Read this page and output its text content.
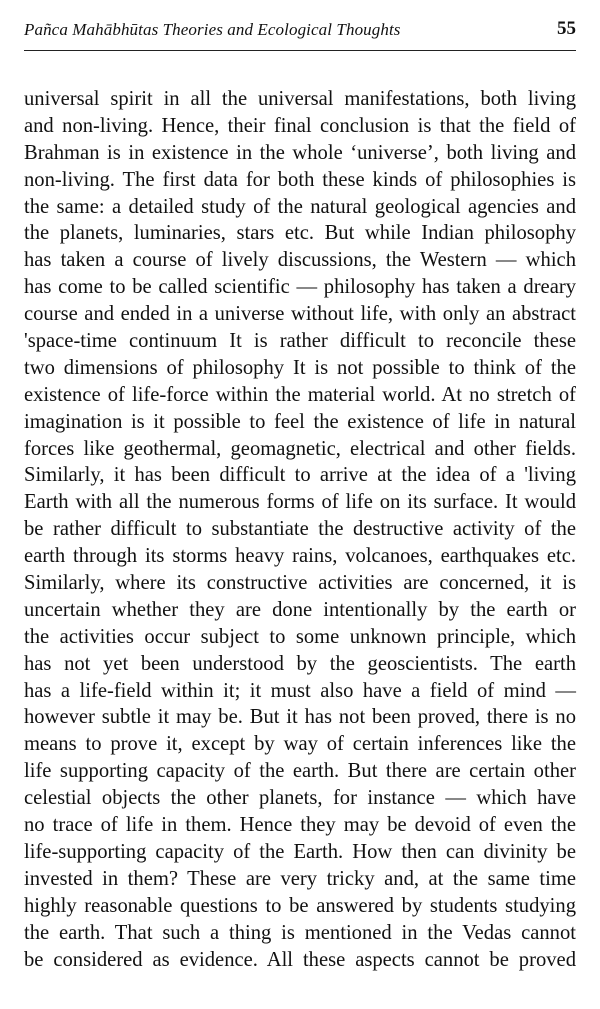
Pañca Mahābhūtas Theories and Ecological Thoughts	55
universal spirit in all the universal manifestations, both living
and non-living. Hence, their final conclusion is that the field of
Brahman is in existence in the whole ‘universe’, both living and
non-living. The first data for both these kinds of philosophies is
the same: a detailed study of the natural geological agencies and
the planets, luminaries, stars etc. But while Indian philosophy
has taken a course of lively discussions, the Western — which
has come to be called scientific — philosophy has taken a dreary
course and ended in a universe without life, with only an abstract
'space-time continuum It is rather difficult to reconcile these
two dimensions of philosophy It is not possible to think of the
existence of life-force within the material world. At no stretch of
imagination is it possible to feel the existence of life in natural
forces like geothermal, geomagnetic, electrical and other fields.
Similarly, it has been difficult to arrive at the idea of a 'living
Earth with all the numerous forms of life on its surface. It would
be rather difficult to substantiate the destructive activity of the
earth through its storms heavy rains, volcanoes, earthquakes etc.
Similarly, where its constructive activities are concerned, it is
uncertain whether they are done intentionally by the earth or
the activities occur subject to some unknown principle, which
has not yet been understood by the geoscientists. The earth
has a life-field within it; it must also have a field of mind —
however subtle it may be. But it has not been proved, there is no
means to prove it, except by way of certain inferences like the
life supporting capacity of the earth. But there are certain other
celestial objects the other planets, for instance — which have
no trace of life in them. Hence they may be devoid of even the
life-supporting capacity of the Earth. How then can divinity be
invested in them? These are very tricky and, at the same time
highly reasonable questions to be answered by students studying
the earth. That such a thing is mentioned in the Vedas cannot
be considered as evidence. All these aspects cannot be proved
